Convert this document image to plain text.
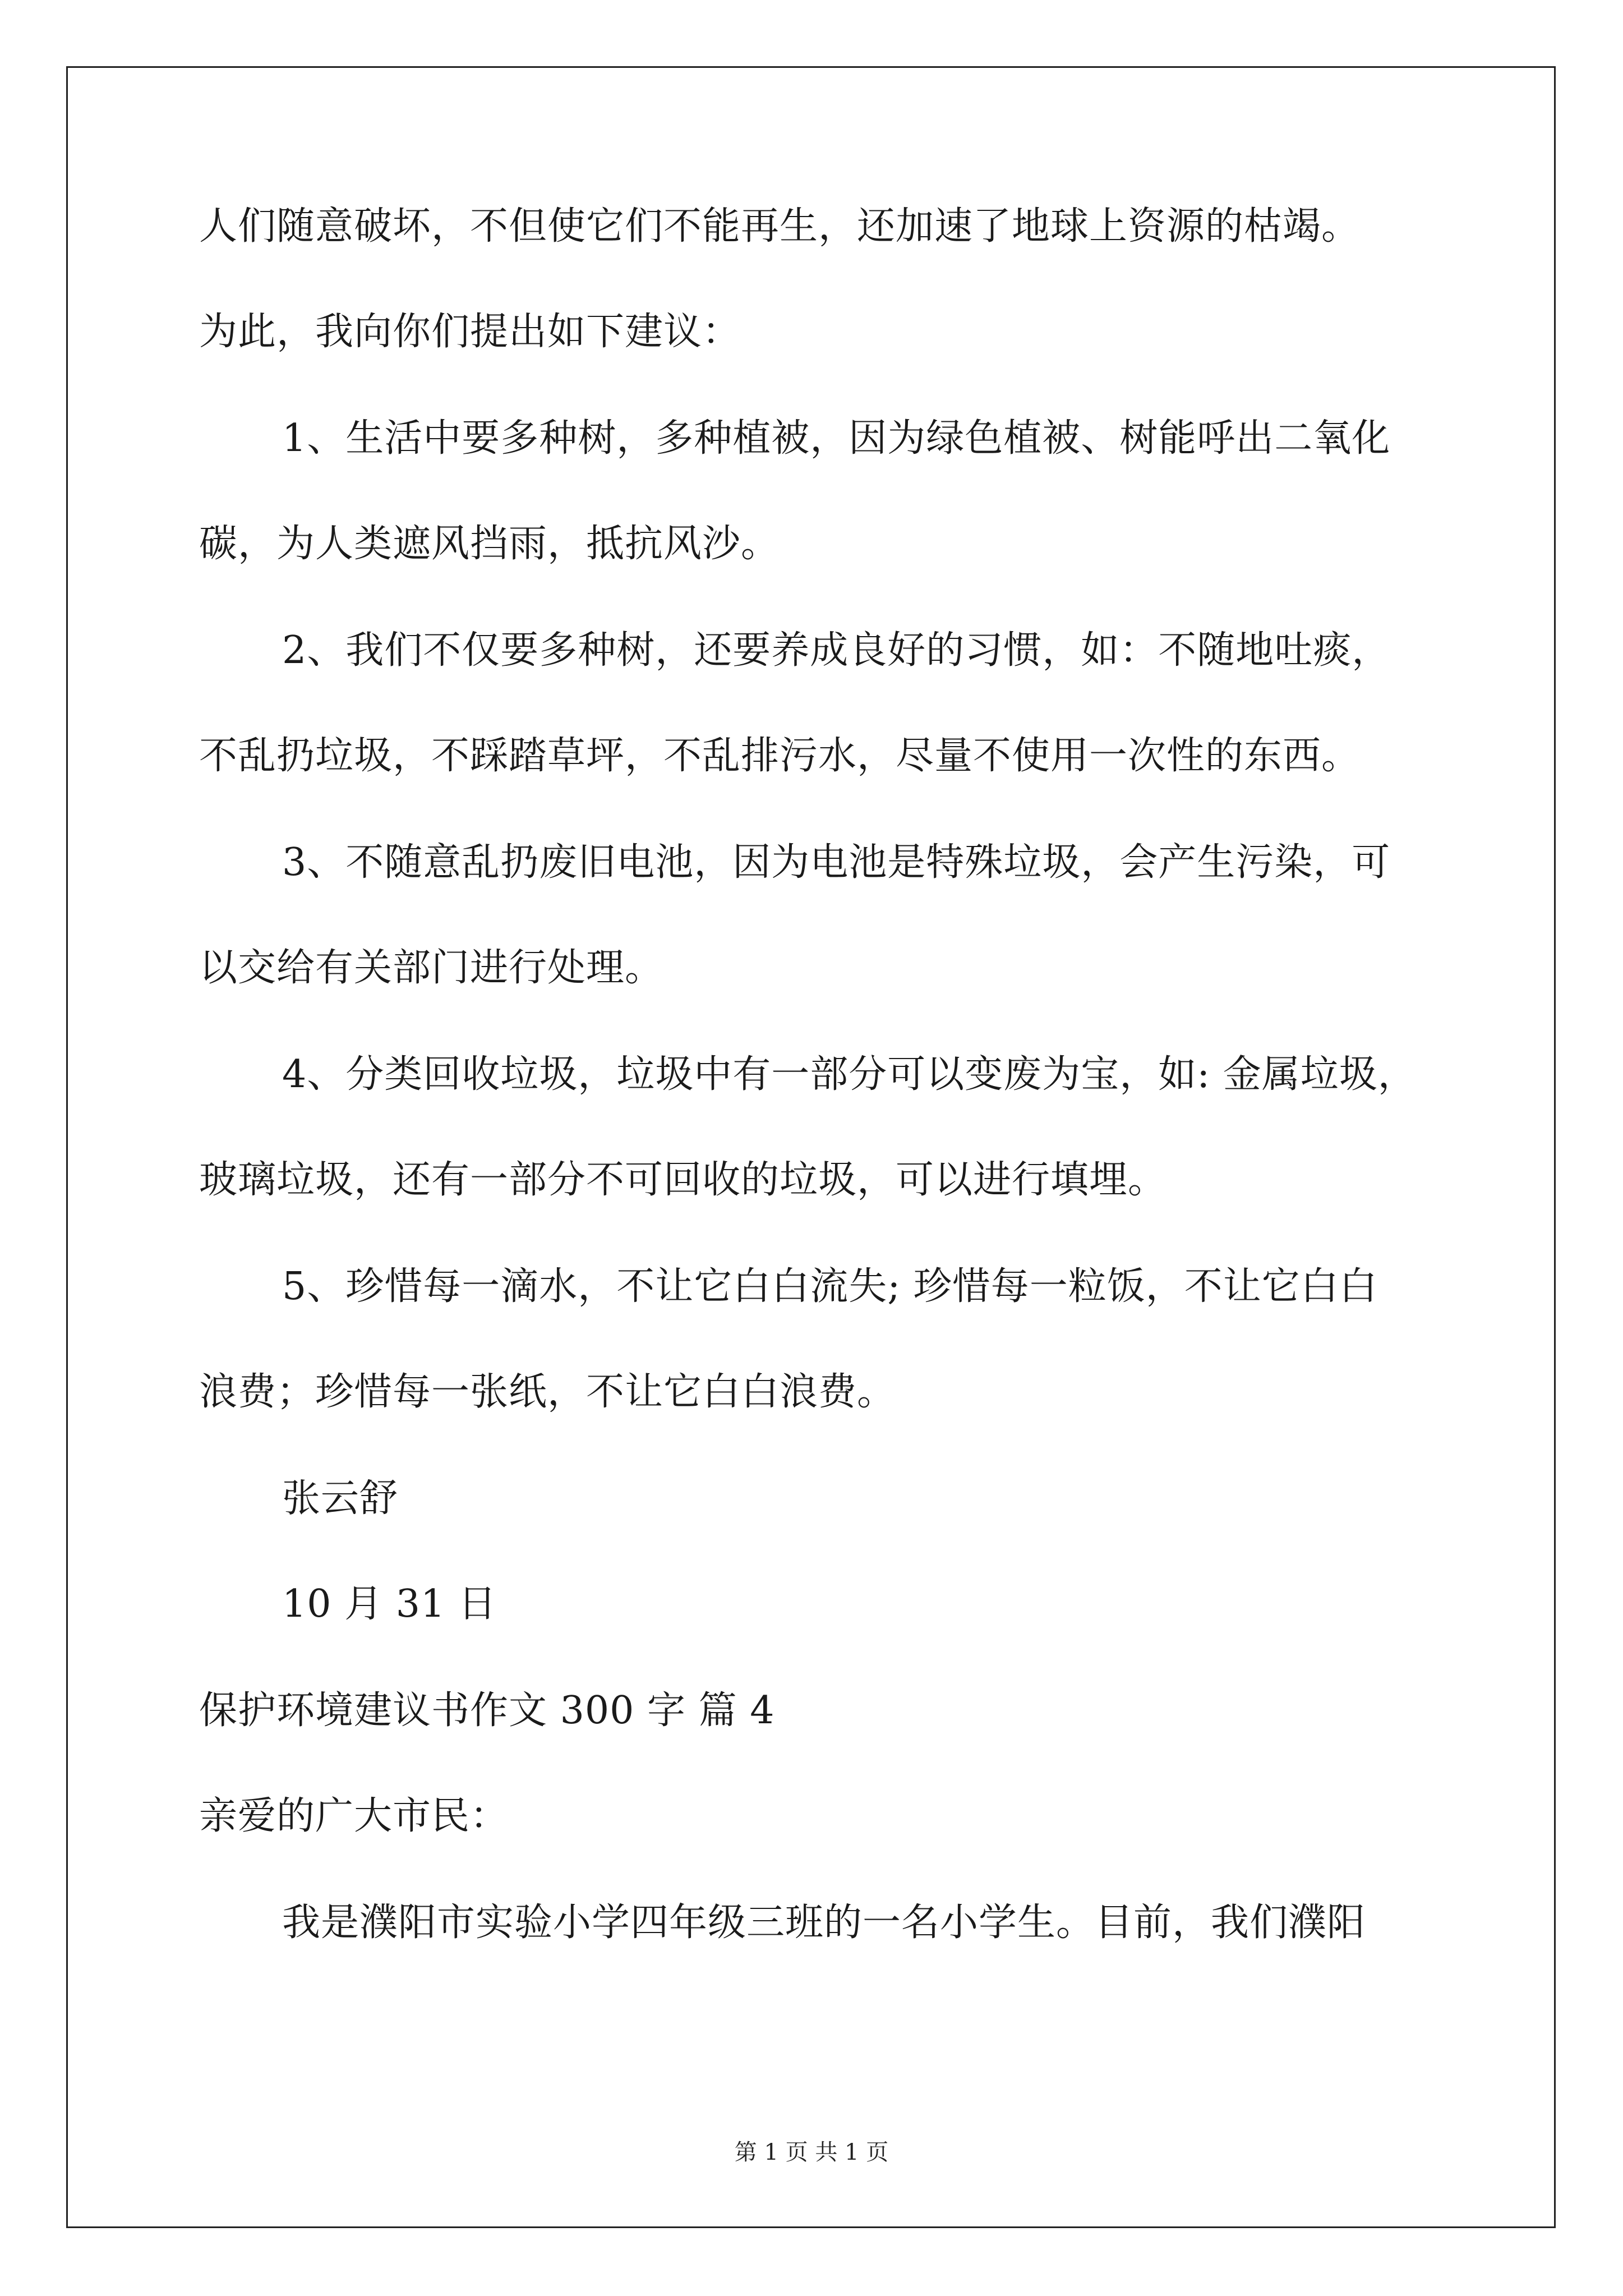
人们随意破坏，不但使它们不能再生，还加速了地球上资源的枯竭。
为此，我向你们提出如下建议：
1、生活中要多种树，多种植被，因为绿色植被、树能呼出二氧化
碳，为人类遮风挡雨，抵抗风沙。
2、我们不仅要多种树，还要养成良好的习惯，如：不随地吐痰，
不乱扔垃圾，不踩踏草坪，不乱排污水，尽量不使用一次性的东西。
3、不随意乱扔废旧电池，因为电池是特殊垃圾，会产生污染，可
以交给有关部门进行处理。
4、分类回收垃圾，垃圾中有一部分可以变废为宝，如: 金属垃圾，
玻璃垃圾，还有一部分不可回收的垃圾，可以进行填埋。
5、珍惜每一滴水，不让它白白流失; 珍惜每一粒饭，不让它白白
浪费；珍惜每一张纸，不让它白白浪费。
张云舒
10 月 31 日
保护环境建议书作文 300 字 篇 4
亲爱的广大市民：
我是濮阳市实验小学四年级三班的一名小学生。目前，我们濮阳
第 1 页 共 1 页
